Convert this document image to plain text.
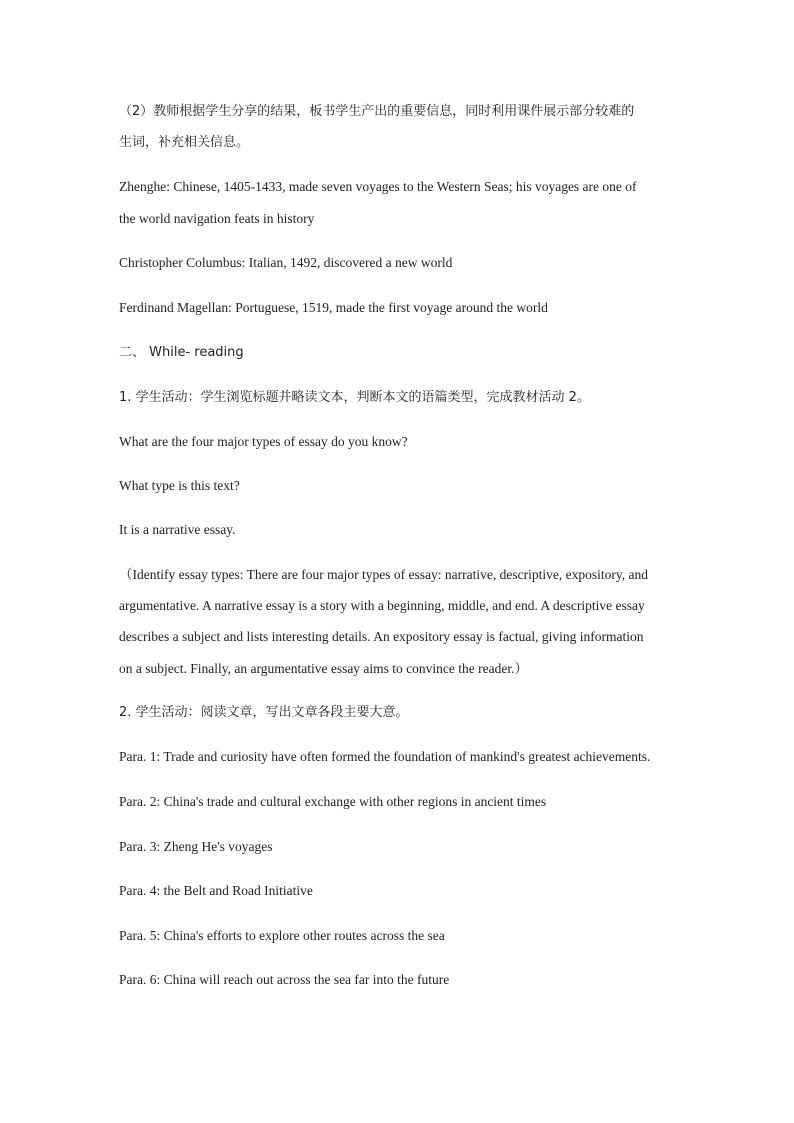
（2）教师根据学生分享的结果，板书学生产出的重要信息，同时利用课件展示部分较难的
生词，补充相关信息。
Zhenghe: Chinese, 1405-1433, made seven voyages to the Western Seas; his voyages are one of
the world navigation feats in history
Christopher Columbus: Italian, 1492, discovered a new world
Ferdinand Magellan: Portuguese, 1519, made the first voyage around the world
二、 While- reading
1. 学生活动：学生浏览标题并略读文本，判断本文的语篇类型，完成教材活动 2。
What are the four major types of essay do you know?
What type is this text?
It is a narrative essay.
（Identify essay types: There are four major types of essay: narrative, descriptive, expository, and
argumentative. A narrative essay is a story with a beginning, middle, and end. A descriptive essay
describes a subject and lists interesting details. An expository essay is factual, giving information
on a subject. Finally, an argumentative essay aims to convince the reader.）
2. 学生活动：阅读文章，写出文章各段主要大意。
Para. 1: Trade and curiosity have often formed the foundation of mankind's greatest achievements.
Para. 2: China's trade and cultural exchange with other regions in ancient times
Para. 3: Zheng He's voyages
Para. 4: the Belt and Road Initiative
Para. 5: China's efforts to explore other routes across the sea
Para. 6: China will reach out across the sea far into the future
